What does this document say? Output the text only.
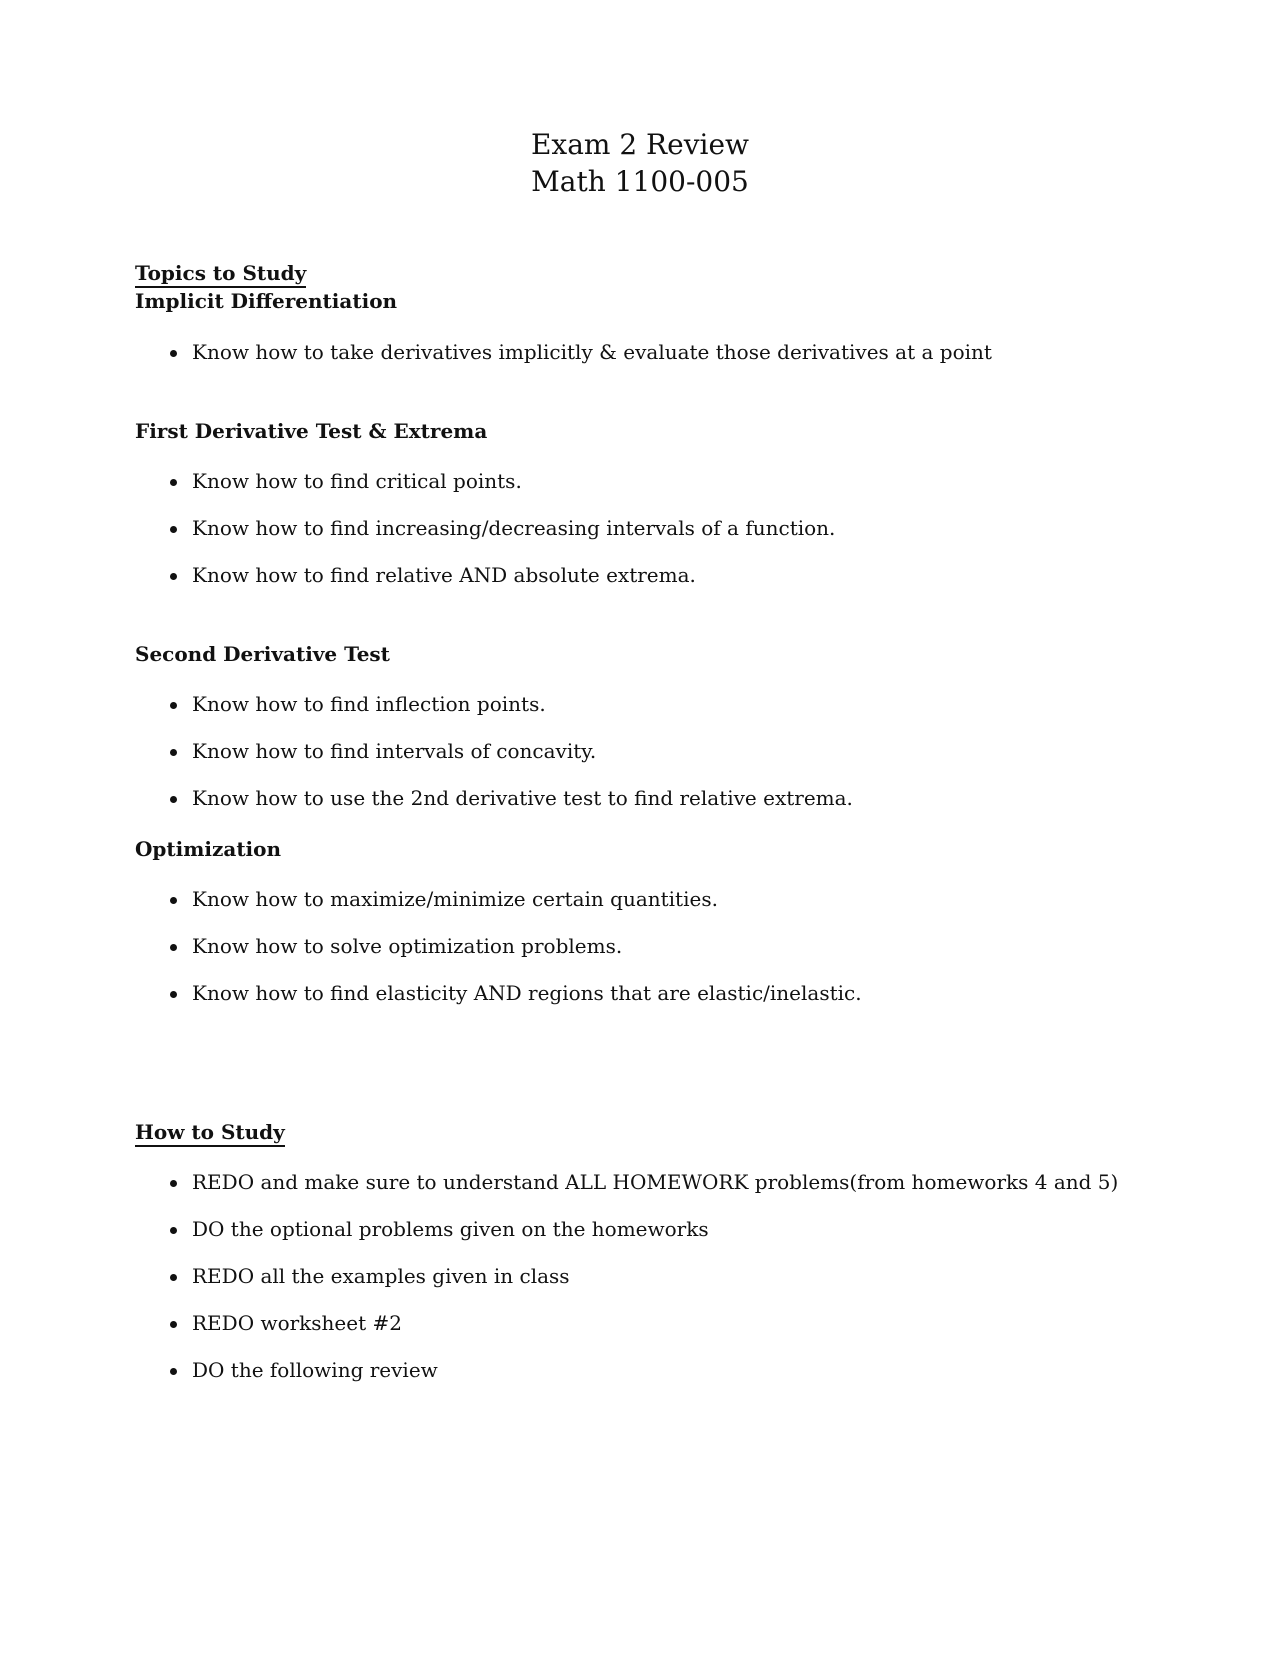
Exam 2 Review
Math 1100-005
Topics to Study
Implicit Differentiation
Know how to take derivatives implicitly & evaluate those derivatives at a point
First Derivative Test & Extrema
Know how to find critical points.
Know how to find increasing/decreasing intervals of a function.
Know how to find relative AND absolute extrema.
Second Derivative Test
Know how to find inflection points.
Know how to find intervals of concavity.
Know how to use the 2nd derivative test to find relative extrema.
Optimization
Know how to maximize/minimize certain quantities.
Know how to solve optimization problems.
Know how to find elasticity AND regions that are elastic/inelastic.
How to Study
REDO and make sure to understand ALL HOMEWORK problems(from homeworks 4 and 5)
DO the optional problems given on the homeworks
REDO all the examples given in class
REDO worksheet #2
DO the following review
